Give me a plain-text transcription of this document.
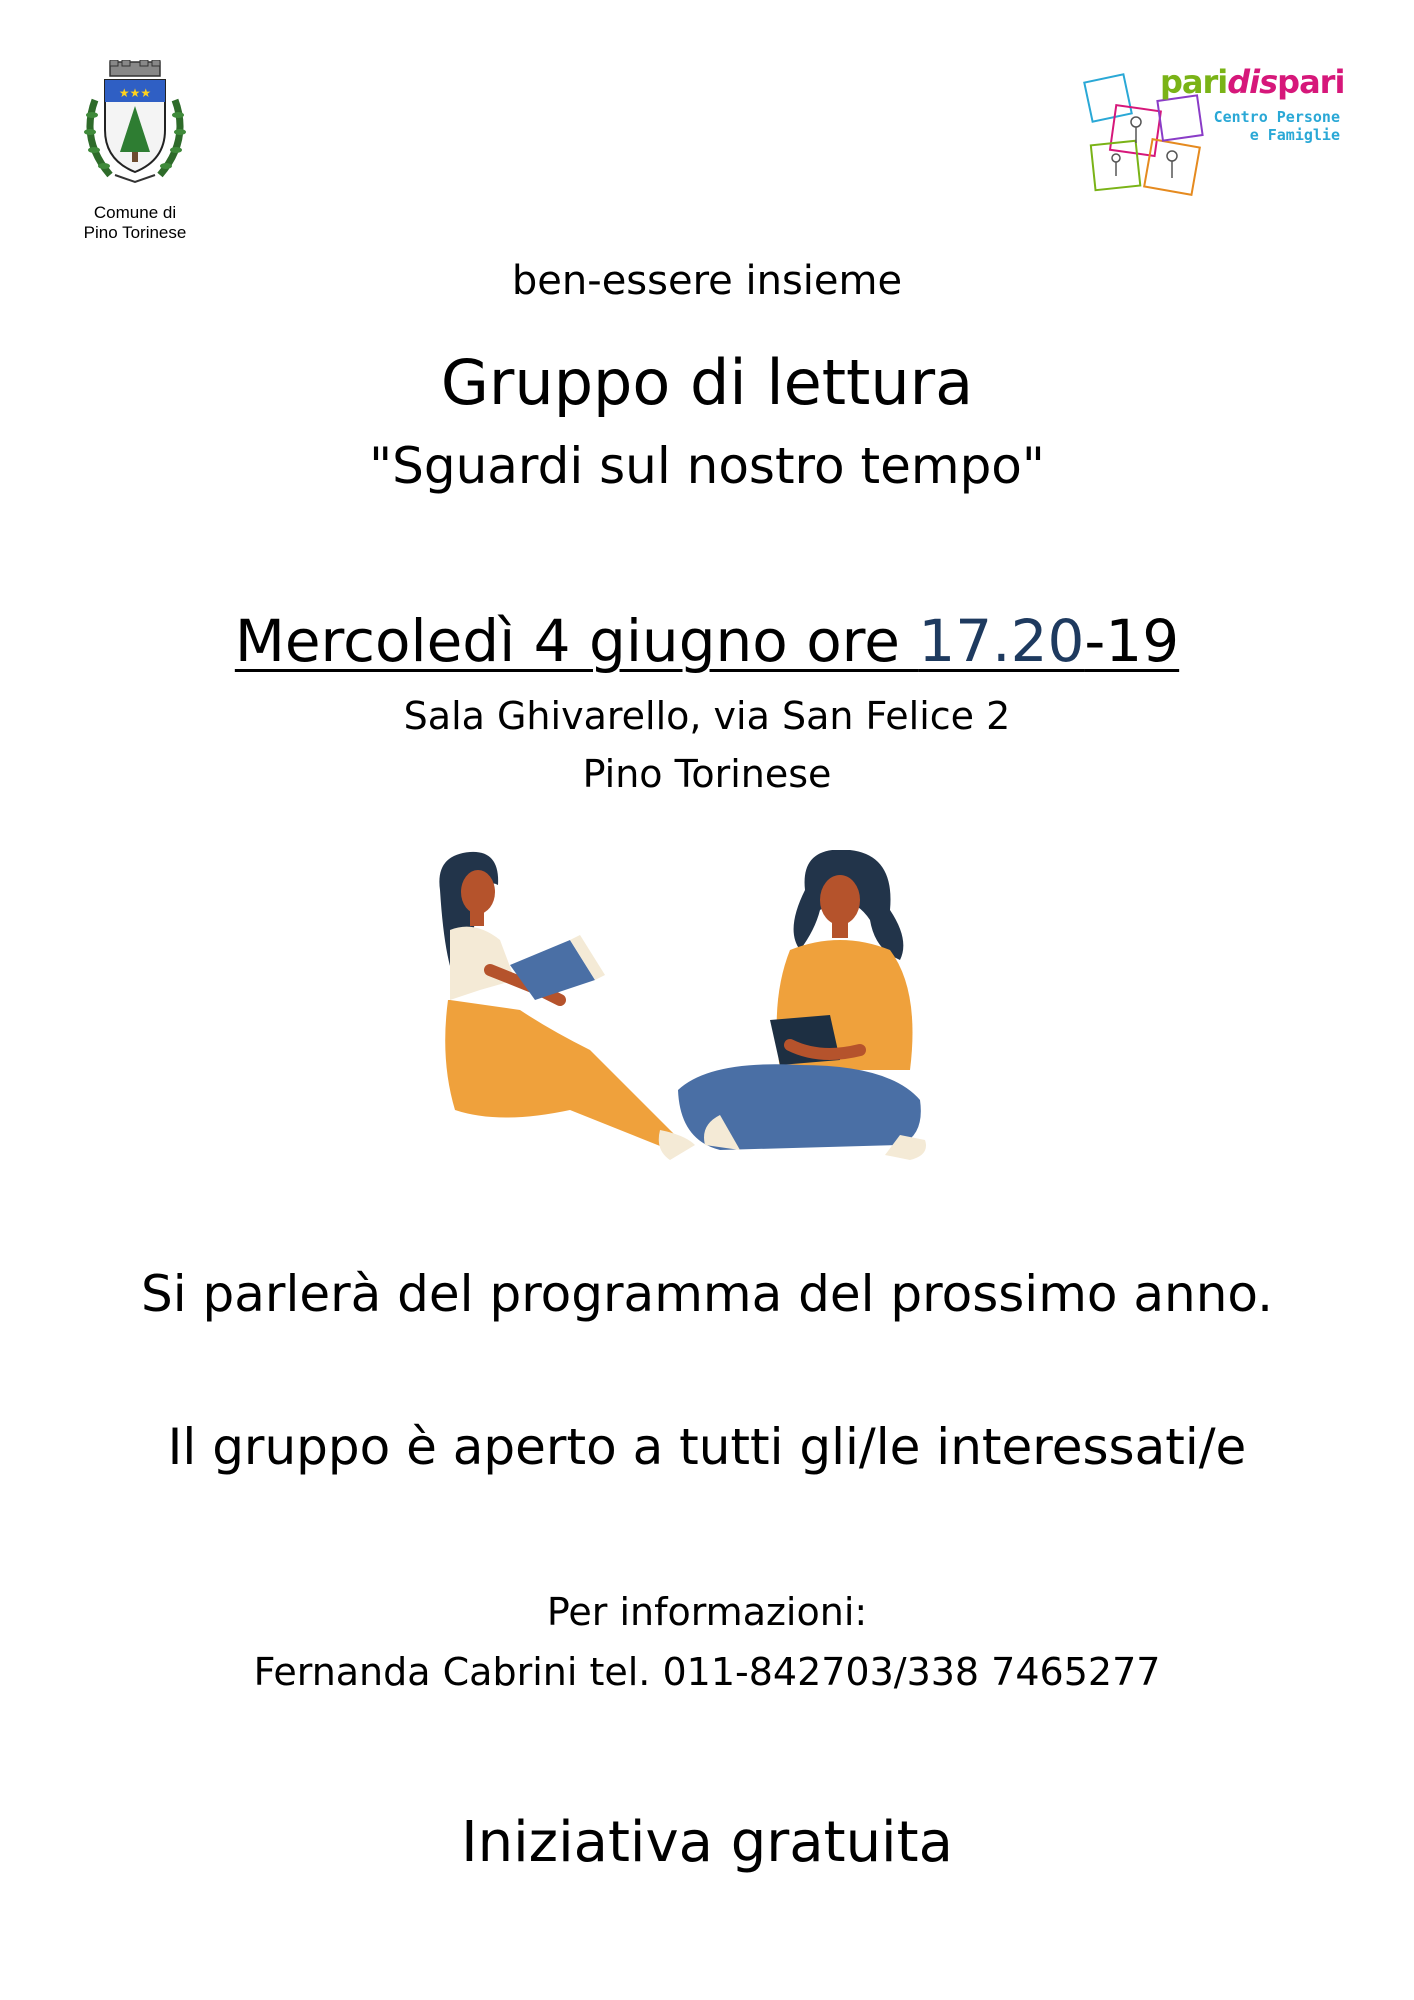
★★★
Comune di
Pino Torinese
paridispari
Centro Persone
e Famiglie
ben-essere insieme
Gruppo di lettura
"Sguardi sul nostro tempo"
Mercoledì 4 giugno ore 17.20-19
Sala Ghivarello, via San Felice 2
Pino Torinese
Si parlerà del programma del prossimo anno.
Il gruppo è aperto a tutti gli/le interessati/e
Per informazioni:
Fernanda Cabrini tel. 011-842703/338 7465277
Iniziativa gratuita
